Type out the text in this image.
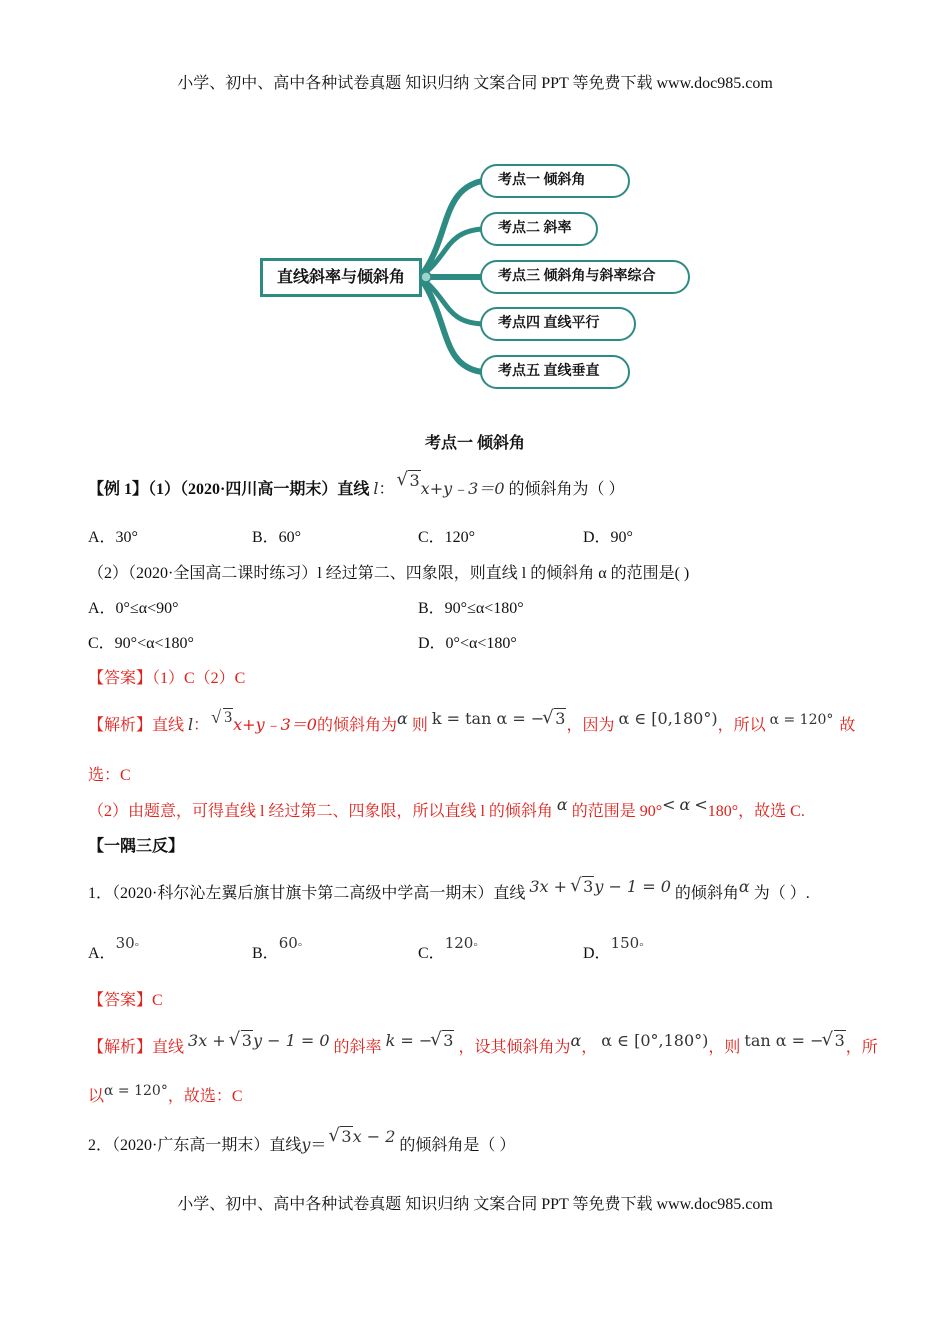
小学、初中、高中各种试卷真题 知识归纳 文案合同 PPT 等免费下载 www.doc985.com
直线斜率与倾斜角
考点一 倾斜角
考点二 斜率
考点三 倾斜角与斜率综合
考点四 直线平行
考点五 直线垂直
考点一 倾斜角
【例 1】（1）（2020·四川高一期末）直线 l： √ 3x+y﹣3＝0 的倾斜角为（ ）
A．30°	B．60°	C．120°	D．90°
（2）（2020·全国高二课时练习）l 经过第二、四象限，则直线 l 的倾斜角 α 的范围是( )
A．0°≤α<90°	B．90°≤α<180°
C．90°<α<180°	D．0°<α<180°
【答案】（1）C（2）C
【解析】直线 l： √ 3x+y﹣3＝0的倾斜角为α 则 k = tan α = − √ 3，因为 α ∈ [0,180°)，所以 α = 120° 故
选：C
（2）由题意，可得直线 l 经过第二、四象限，所以直线 l 的倾斜角 α 的范围是 90°< α <180°，故选 C.
【一隅三反】
1．（2020·科尔沁左翼后旗甘旗卡第二高级中学高一期末）直线 3x + √ 3y − 1 = 0 的倾斜角α 为（ ）.
A．30°	B．60°	C．120°	D．150°
【答案】C
【解析】直线 3x + √ 3y − 1 = 0 的斜率 k = − √ 3 ，设其倾斜角为α， α ∈ [0°,180°)，则 tan α = − √ 3，所
以α = 120°，故选：C
2．（2020·广东高一期末）直线y＝ √ 3x − 2 的倾斜角是（ ）
小学、初中、高中各种试卷真题 知识归纳 文案合同 PPT 等免费下载 www.doc985.com
